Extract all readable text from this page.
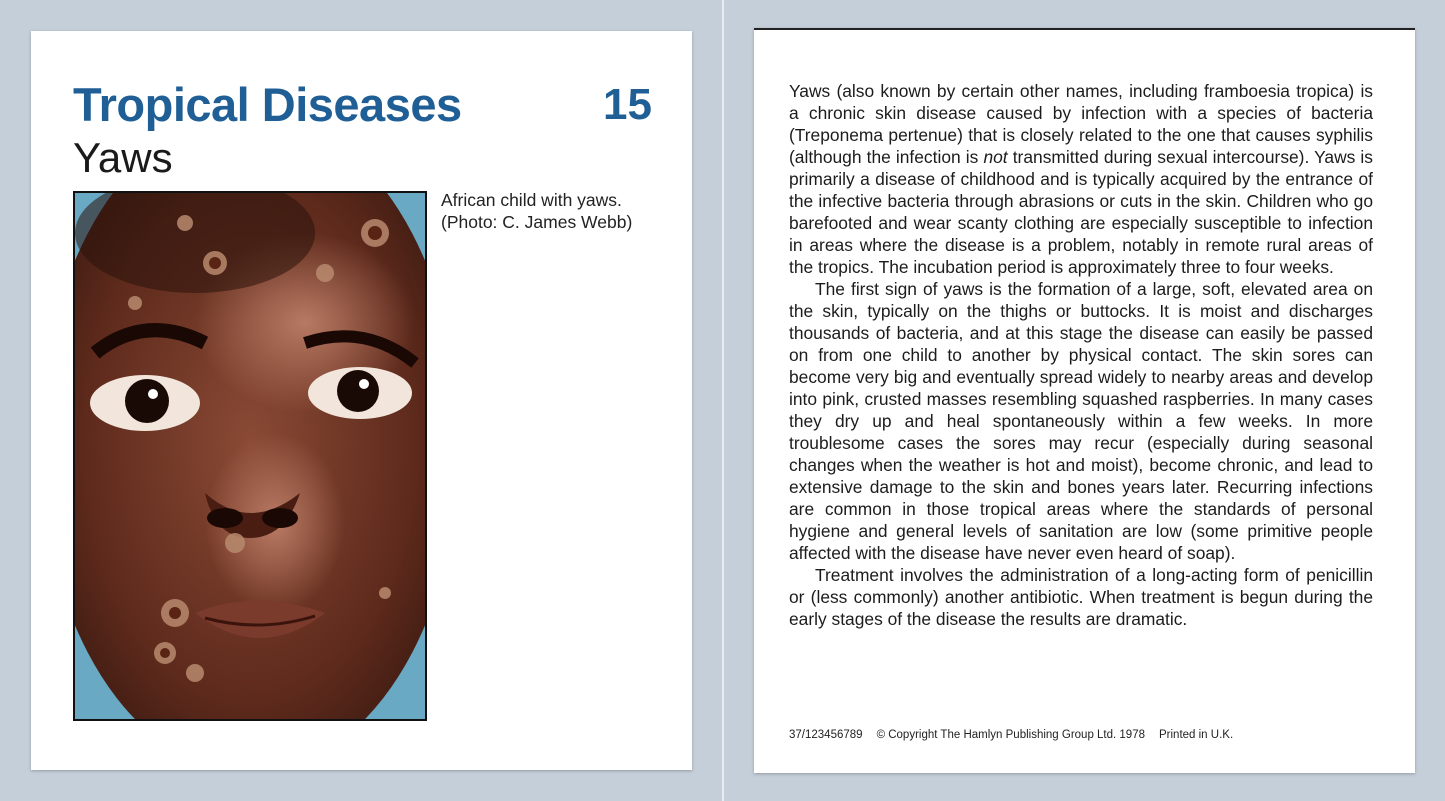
Tropical Diseases	15
Yaws
African child with yaws. (Photo: C. James Webb)

Yaws (also known by certain other names, including framboesia tropica) is a chronic skin disease caused by infection with a species of bacteria (Treponema pertenue) that is closely related to the one that causes syphilis (although the infection is not transmitted during sexual intercourse). Yaws is primarily a disease of childhood and is typically acquired by the entrance of the infective bacteria through abrasions or cuts in the skin. Children who go barefooted and wear scanty clothing are especially susceptible to infection in areas where the disease is a problem, notably in remote rural areas of the tropics. The incubation period is approximately three to four weeks.

The first sign of yaws is the formation of a large, soft, elevated area on the skin, typically on the thighs or buttocks. It is moist and discharges thousands of bacteria, and at this stage the disease can easily be passed on from one child to another by physical contact. The skin sores can become very big and eventually spread widely to nearby areas and develop into pink, crusted masses resembling squashed raspberries. In many cases they dry up and heal spontaneously within a few weeks. In more troublesome cases the sores may recur (especially during seasonal changes when the weather is hot and moist), become chronic, and lead to extensive damage to the skin and bones years later. Recurring infections are common in those tropical areas where the standards of personal hygiene and general levels of sanitation are low (some primitive people affected with the disease have never even heard of soap).

Treatment involves the administration of a long-acting form of penicillin or (less commonly) another antibiotic. When treatment is begun during the early stages of the disease the results are dramatic.

37/123456789 © Copyright The Hamlyn Publishing Group Ltd. 1978 Printed in U.K.
